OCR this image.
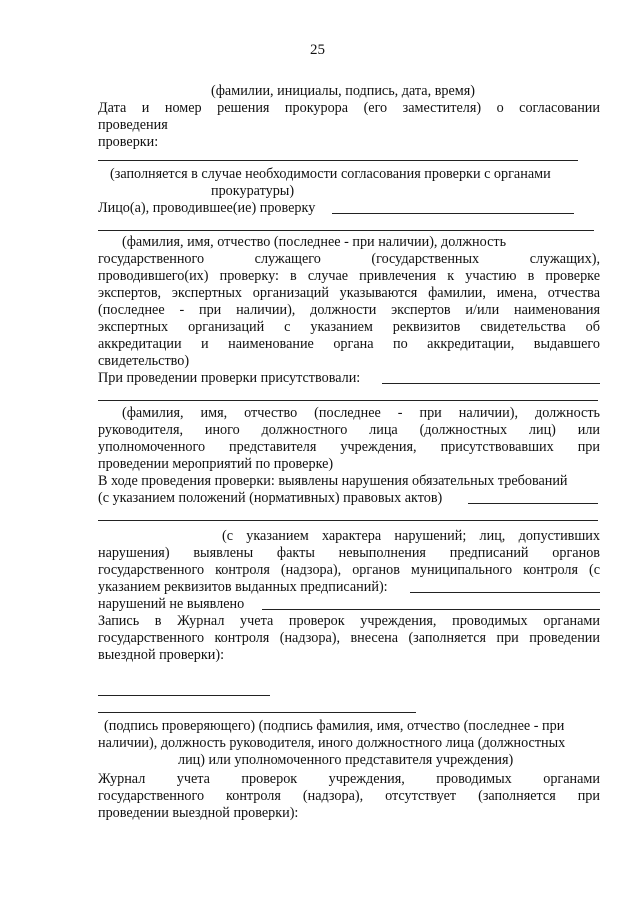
25
(фамилии, инициалы, подпись, дата, время)
Дата и номер решения прокурора (его заместителя) о согласовании
проведения
проверки:
(заполняется в случае необходимости согласования проверки с органами
прокуратуры)
Лицо(а), проводившее(ие) проверку
(фамилия, имя, отчество (последнее - при наличии), должность
государственного служащего (государственных служащих),
проводившего(их) проверку: в случае привлечения к участию в проверке
экспертов, экспертных организаций указываются фамилии, имена, отчества
(последнее - при наличии), должности экспертов и/или наименования
экспертных организаций с указанием реквизитов свидетельства об
аккредитации и наименование органа по аккредитации, выдавшего
свидетельство)
При проведении проверки присутствовали:
(фамилия, имя, отчество (последнее - при наличии), должность
руководителя, иного должностного лица (должностных лиц) или
уполномоченного представителя учреждения, присутствовавших при
проведении мероприятий по проверке)
В ходе проведения проверки: выявлены нарушения обязательных требований
(с указанием положений (нормативных) правовых актов)
(с указанием характера нарушений; лиц, допустивших
нарушения) выявлены факты невыполнения предписаний органов
государственного контроля (надзора), органов муниципального контроля (с
указанием реквизитов выданных предписаний):
нарушений не выявлено
Запись в Журнал учета проверок учреждения, проводимых органами
государственного контроля (надзора), внесена (заполняется при проведении
выездной проверки):
(подпись проверяющего) (подпись фамилия, имя, отчество (последнее - при
наличии), должность руководителя, иного должностного лица (должностных
лиц) или уполномоченного представителя учреждения)
Журнал учета проверок учреждения, проводимых органами
государственного контроля (надзора), отсутствует (заполняется при
проведении выездной проверки):
